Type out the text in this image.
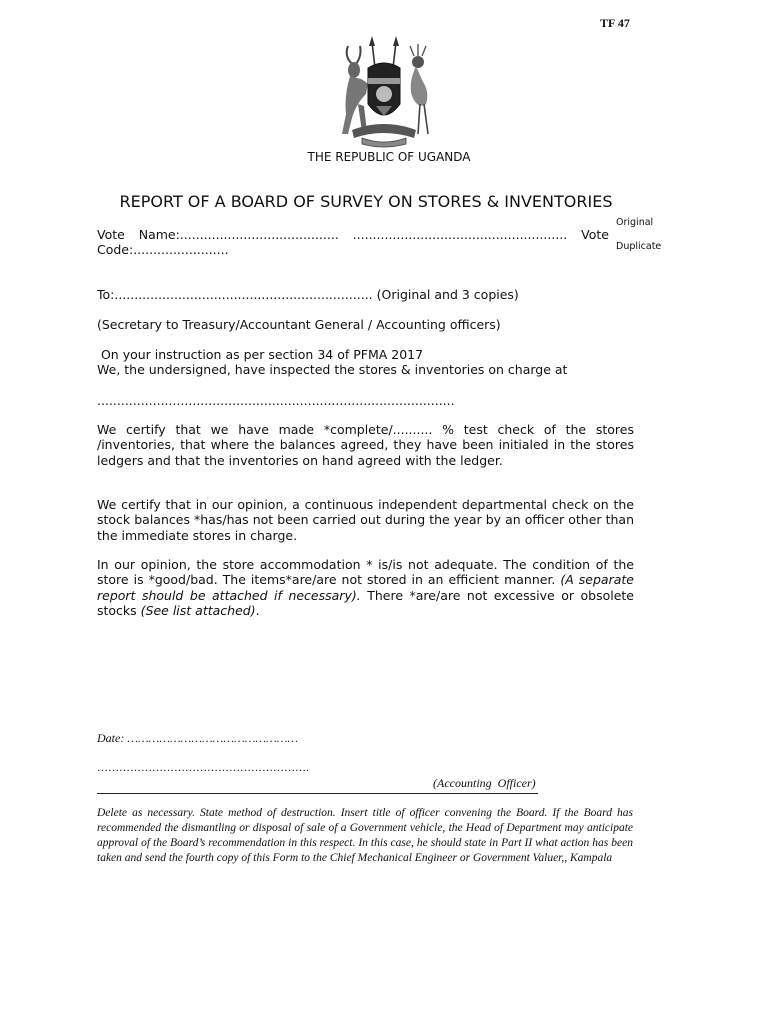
TF 47
THE REPUBLIC OF UGANDA
REPORT OF A BOARD OF SURVEY ON STORES & INVENTORIES
Original
Duplicate
Vote Name:........................................ ...................................................... Vote Code:........................
To:................................................................. (Original and 3 copies)
(Secretary to Treasury/Accountant General / Accounting officers)
On your instruction as per section 34 of PFMA 2017
We, the undersigned, have inspected the stores & inventories on charge at
..........................................................................................
We certify that we have made *complete/.......... % test check of the stores /inventories, that where the balances agreed, they have been initialed in the stores ledgers and that the inventories on hand agreed with the ledger.
We certify that in our opinion, a continuous independent departmental check on the stock balances *has/has not been carried out during the year by an officer other than the immediate stores in charge.
In our opinion, the store accommodation * is/is not adequate. The condition of the store is *good/bad. The items*are/are not stored in an efficient manner. (A separate report should be attached if necessary). There *are/are not excessive or obsolete stocks (See list attached).
Date: …………………………………………
………………………………………………….
(Accounting  Officer)
Delete as necessary. State method of destruction. Insert title of officer convening the Board. If the Board has recommended the dismantling or disposal of sale of a Government vehicle, the Head of Department may anticipate approval of the Board’s recommendation in this respect. In this case, he should state in Part II what action has been taken and send the fourth copy of this Form to the Chief Mechanical Engineer or Government Valuer,, Kampala
